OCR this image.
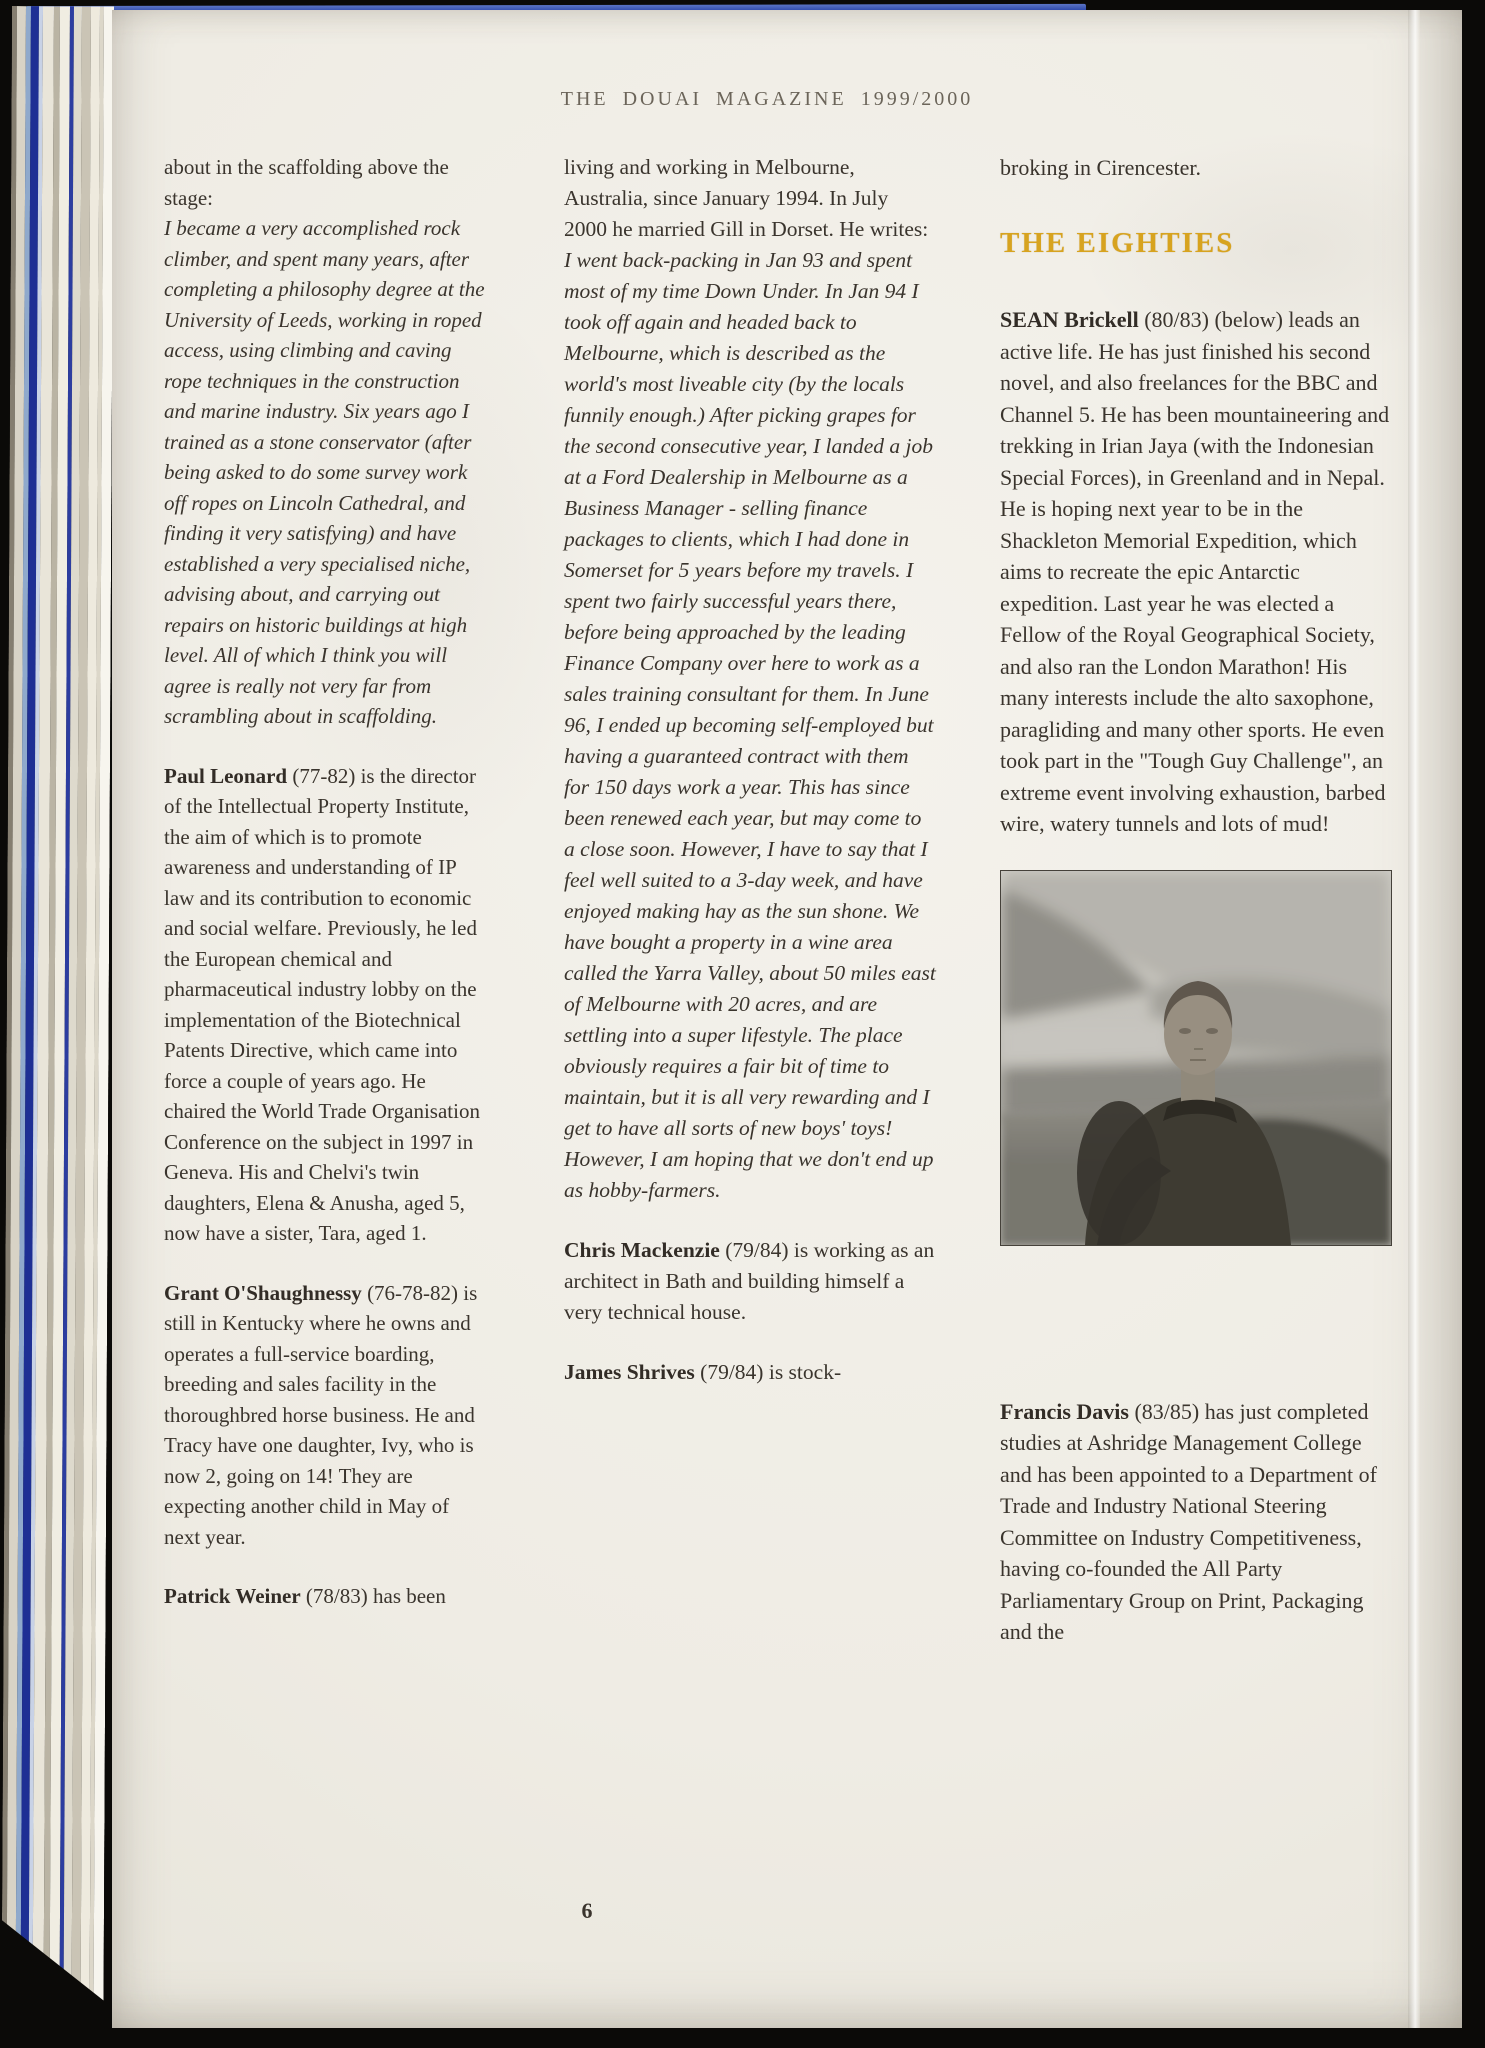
THE DOUAI MAGAZINE 1999/2000

about in the scaffolding above the stage:

I became a very accomplished rock climber, and spent many years, after completing a philosophy degree at the University of Leeds, working in roped access, using climbing and caving rope techniques in the construction and marine industry. Six years ago I trained as a stone conservator (after being asked to do some survey work off ropes on Lincoln Cathedral, and finding it very satisfying) and have established a very specialised niche, advising about, and carrying out repairs on historic buildings at high level. All of which I think you will agree is really not very far from scrambling about in scaffolding.

Paul Leonard (77-82) is the director of the Intellectual Property Institute, the aim of which is to promote awareness and understanding of IP law and its contribution to economic and social welfare. Previously, he led the European chemical and pharmaceutical industry lobby on the implementation of the Biotechnical Patents Directive, which came into force a couple of years ago. He chaired the World Trade Organisation Conference on the subject in 1997 in Geneva. His and Chelvi's twin daughters, Elena & Anusha, aged 5, now have a sister, Tara, aged 1.

Grant O'Shaughnessy (76-78-82) is still in Kentucky where he owns and operates a full-service boarding, breeding and sales facility in the thoroughbred horse business. He and Tracy have one daughter, Ivy, who is now 2, going on 14! They are expecting another child in May of next year.

Patrick Weiner (78/83) has been

living and working in Melbourne, Australia, since January 1994. In July 2000 he married Gill in Dorset. He writes:

I went back-packing in Jan 93 and spent most of my time Down Under. In Jan 94 I took off again and headed back to Melbourne, which is described as the world's most liveable city (by the locals funnily enough.) After picking grapes for the second consecutive year, I landed a job at a Ford Dealership in Melbourne as a Business Manager - selling finance packages to clients, which I had done in Somerset for 5 years before my travels. I spent two fairly successful years there, before being approached by the leading Finance Company over here to work as a sales training consultant for them. In June 96, I ended up becoming self-employed but having a guaranteed contract with them for 150 days work a year. This has since been renewed each year, but may come to a close soon. However, I have to say that I feel well suited to a 3-day week, and have enjoyed making hay as the sun shone. We have bought a property in a wine area called the Yarra Valley, about 50 miles east of Melbourne with 20 acres, and are settling into a super lifestyle. The place obviously requires a fair bit of time to maintain, but it is all very rewarding and I get to have all sorts of new boys' toys! However, I am hoping that we don't end up as hobby-farmers.

Chris Mackenzie (79/84) is working as an architect in Bath and building himself a very technical house.

James Shrives (79/84) is stock-

broking in Cirencester.

THE EIGHTIES

SEAN Brickell (80/83) (below) leads an active life. He has just finished his second novel, and also freelances for the BBC and Channel 5. He has been mountaineering and trekking in Irian Jaya (with the Indonesian Special Forces), in Greenland and in Nepal. He is hoping next year to be in the Shackleton Memorial Expedition, which aims to recreate the epic Antarctic expedition. Last year he was elected a Fellow of the Royal Geographical Society, and also ran the London Marathon! His many interests include the alto saxophone, paragliding and many other sports. He even took part in the "Tough Guy Challenge", an extreme event involving exhaustion, barbed wire, watery tunnels and lots of mud!

Francis Davis (83/85) has just completed studies at Ashridge Management College and has been appointed to a Department of Trade and Industry National Steering Committee on Industry Competitiveness, having co-founded the All Party Parliamentary Group on Print, Packaging and the

6
